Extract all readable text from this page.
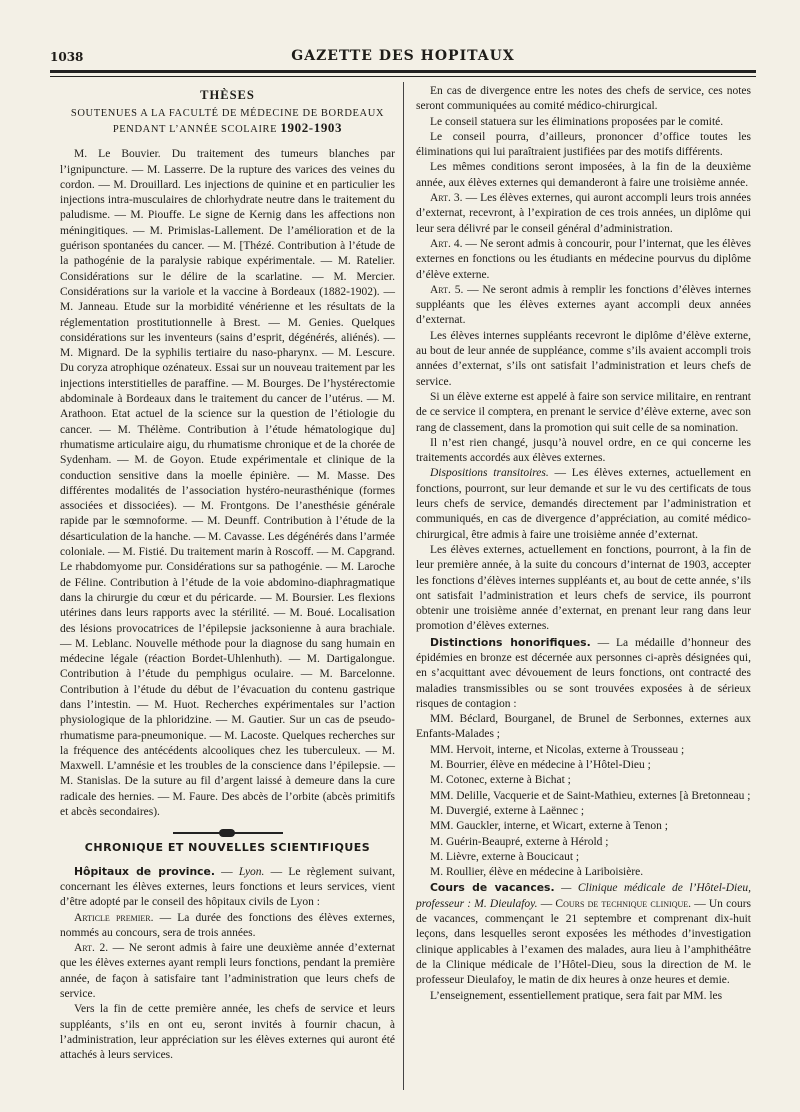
1038	GAZETTE DES HOPITAUX
THÈSES
SOUTENUES A LA FACULTÉ DE MÉDECINE DE BORDEAUX
PENDANT L’ANNÉE SCOLAIRE 1902-1903

M. Le Bouvier. Du traitement des tumeurs blanches par l’ignipuncture. — M. Lasserre. De la rupture des varices des veines du cordon. — M. Drouillard. Les injections de quinine et en particulier les injections intra-musculaires de chlorhydrate neutre dans le traitement du paludisme. — M. Piouffe. Le signe de Kernig dans les affections non méningitiques. — M. Primislas-Lallement. De l’amélioration et de la guérison spontanées du cancer. — M. [Thézé. Contribution à l’étude de la pathogénie de la paralysie rabique expérimentale. — M. Ratelier. Considérations sur le délire de la scarlatine. — M. Mercier. Considérations sur la variole et la vaccine à Bordeaux (1882-1902). — M. Janneau. Etude sur la morbidité vénérienne et les résultats de la réglementation prostitutionnelle à Brest. — M. Genies. Quelques considérations sur les inventeurs (sains d’esprit, dégénérés, aliénés). — M. Mignard. De la syphilis tertiaire du naso-pharynx. — M. Lescure. Du coryza atrophique ozénateux. Essai sur un nouveau traitement par les injections interstitielles de paraffine. — M. Bourges. De l’hystérectomie abdominale à Bordeaux dans le traitement du cancer de l’utérus. — M. Arathoon. Etat actuel de la science sur la question de l’étiologie du cancer. — M. Thélème. Contribution à l’étude hématologique du] rhumatisme articulaire aigu, du rhumatisme chronique et de la chorée de Sydenham. — M. de Goyon. Etude expérimentale et clinique de la conduction sensitive dans la moelle épinière. — M. Masse. Des différentes modalités de l’association hystéro-neurasthénique (formes associées et dissociées). — M. Frontgons. De l’anesthésie générale rapide par le sœmnoforme. — M. Deunff. Contribution à l’étude de la désarticulation de la hanche. — M. Cavasse. Les dégénérés dans l’armée coloniale. — M. Fistié. Du traitement marin à Roscoff. — M. Capgrand. Le rhabdomyome pur. Considérations sur sa pathogénie. — M. Laroche de Féline. Contribution à l’étude de la voie abdomino-diaphragmatique dans la chirurgie du cœur et du péricarde. — M. Boursier. Les flexions utérines dans leurs rapports avec la stérilité. — M. Boué. Localisation des lésions provocatrices de l’épilepsie jacksonienne à aura brachiale. — M. Leblanc. Nouvelle méthode pour la diagnose du sang humain en médecine légale (réaction Bordet-Uhlenhuth). — M. Dartigalongue. Contribution à l’étude du pemphigus oculaire. — M. Barcelonne. Contribution à l’étude du début de l’évacuation du contenu gastrique dans l’intestin. — M. Huot. Recherches expérimentales sur l’action physiologique de la phloridzine. — M. Gautier. Sur un cas de pseudo-rhumatisme para-pneumonique. — M. Lacoste. Quelques recherches sur la fréquence des antécédents alcooliques chez les tuberculeux. — M. Maxwell. L’amnésie et les troubles de la conscience dans l’épilepsie. — M. Stanislas. De la suture au fil d’argent laissé à demeure dans la cure radicale des hernies. — M. Faure. Des abcès de l’orbite (abcès primitifs et abcès secondaires).

CHRONIQUE ET NOUVELLES SCIENTIFIQUES

Hôpitaux de province. — Lyon. — Le règlement suivant, concernant les élèves externes, leurs fonctions et leurs services, vient d’être adopté par le conseil des hôpitaux civils de Lyon :

Article premier. — La durée des fonctions des élèves externes, nommés au concours, sera de trois années.

Art. 2. — Ne seront admis à faire une deuxième année d’externat que les élèves externes ayant rempli leurs fonctions, pendant la première année, de façon à satisfaire tant l’administration que leurs chefs de service.

Vers la fin de cette première année, les chefs de service et leurs suppléants, s’ils en ont eu, seront invités à fournir chacun, à l’administration, leur appréciation sur les élèves externes qui auront été attachés à leurs services.

En cas de divergence entre les notes des chefs de service, ces notes seront communiquées au comité médico-chirurgical.

Le conseil statuera sur les éliminations proposées par le comité.

Le conseil pourra, d’ailleurs, prononcer d’office toutes les éliminations qui lui paraîtraient justifiées par des motifs différents.

Les mêmes conditions seront imposées, à la fin de la deuxième année, aux élèves externes qui demanderont à faire une troisième année.

Art. 3. — Les élèves externes, qui auront accompli leurs trois années d’externat, recevront, à l’expiration de ces trois années, un diplôme qui leur sera délivré par le conseil général d’administration.

Art. 4. — Ne seront admis à concourir, pour l’internat, que les élèves externes en fonctions ou les étudiants en médecine pourvus du diplôme d’élève externe.

Art. 5. — Ne seront admis à remplir les fonctions d’élèves internes suppléants que les élèves externes ayant accompli deux années d’externat.

Les élèves internes suppléants recevront le diplôme d’élève externe, au bout de leur année de suppléance, comme s’ils avaient accompli trois années d’externat, s’ils ont satisfait l’administration et leurs chefs de service.

Si un élève externe est appelé à faire son service militaire, en rentrant de ce service il comptera, en prenant le service d’élève externe, avec son rang de classement, dans la promotion qui suit celle de sa nomination.

Il n’est rien changé, jusqu’à nouvel ordre, en ce qui concerne les traitements accordés aux élèves externes.

Dispositions transitoires. — Les élèves externes, actuellement en fonctions, pourront, sur leur demande et sur le vu des certificats de tous leurs chefs de service, demandés directement par l’administration et communiqués, en cas de divergence d’appréciation, au comité médico-chirurgical, être admis à faire une troisième année d’externat.

Les élèves externes, actuellement en fonctions, pourront, à la fin de leur première année, à la suite du concours d’internat de 1903, accepter les fonctions d’élèves internes suppléants et, au bout de cette année, s’ils ont satisfait l’administration et leurs chefs de service, ils pourront obtenir une troisième année d’externat, en prenant leur rang dans leur promotion d’élèves externes.

Distinctions honorifiques. — La médaille d’honneur des épidémies en bronze est décernée aux personnes ci-après désignées qui, en s’acquittant avec dévouement de leurs fonctions, ont contracté des maladies transmissibles ou se sont trouvées exposées à de sérieux risques de contagion :

MM. Béclard, Bourganel, de Brunel de Serbonnes, externes aux Enfants-Malades ;

MM. Hervoit, interne, et Nicolas, externe à Trousseau ;

M. Bourrier, élève en médecine à l’Hôtel-Dieu ;

M. Cotonec, externe à Bichat ;

MM. Delille, Vacquerie et de Saint-Mathieu, externes [à Bretonneau ;

M. Duvergié, externe à Laënnec ;

MM. Gauckler, interne, et Wicart, externe à Tenon ;

M. Guérin-Beaupré, externe à Hérold ;

M. Lièvre, externe à Boucicaut ;

M. Roullier, élève en médecine à Lariboisière.

Cours de vacances. — Clinique médicale de l’Hôtel-Dieu, professeur : M. Dieulafoy. — Cours de technique clinique. — Un cours de vacances, commençant le 21 septembre et comprenant dix-huit leçons, dans lesquelles seront exposées les méthodes d’investigation clinique applicables à l’examen des malades, aura lieu à l’amphithéâtre de la Clinique médicale de l’Hôtel-Dieu, sous la direction de M. le professeur Dieulafoy, le matin de dix heures à onze heures et demie.

L’enseignement, essentiellement pratique, sera fait par MM. les
